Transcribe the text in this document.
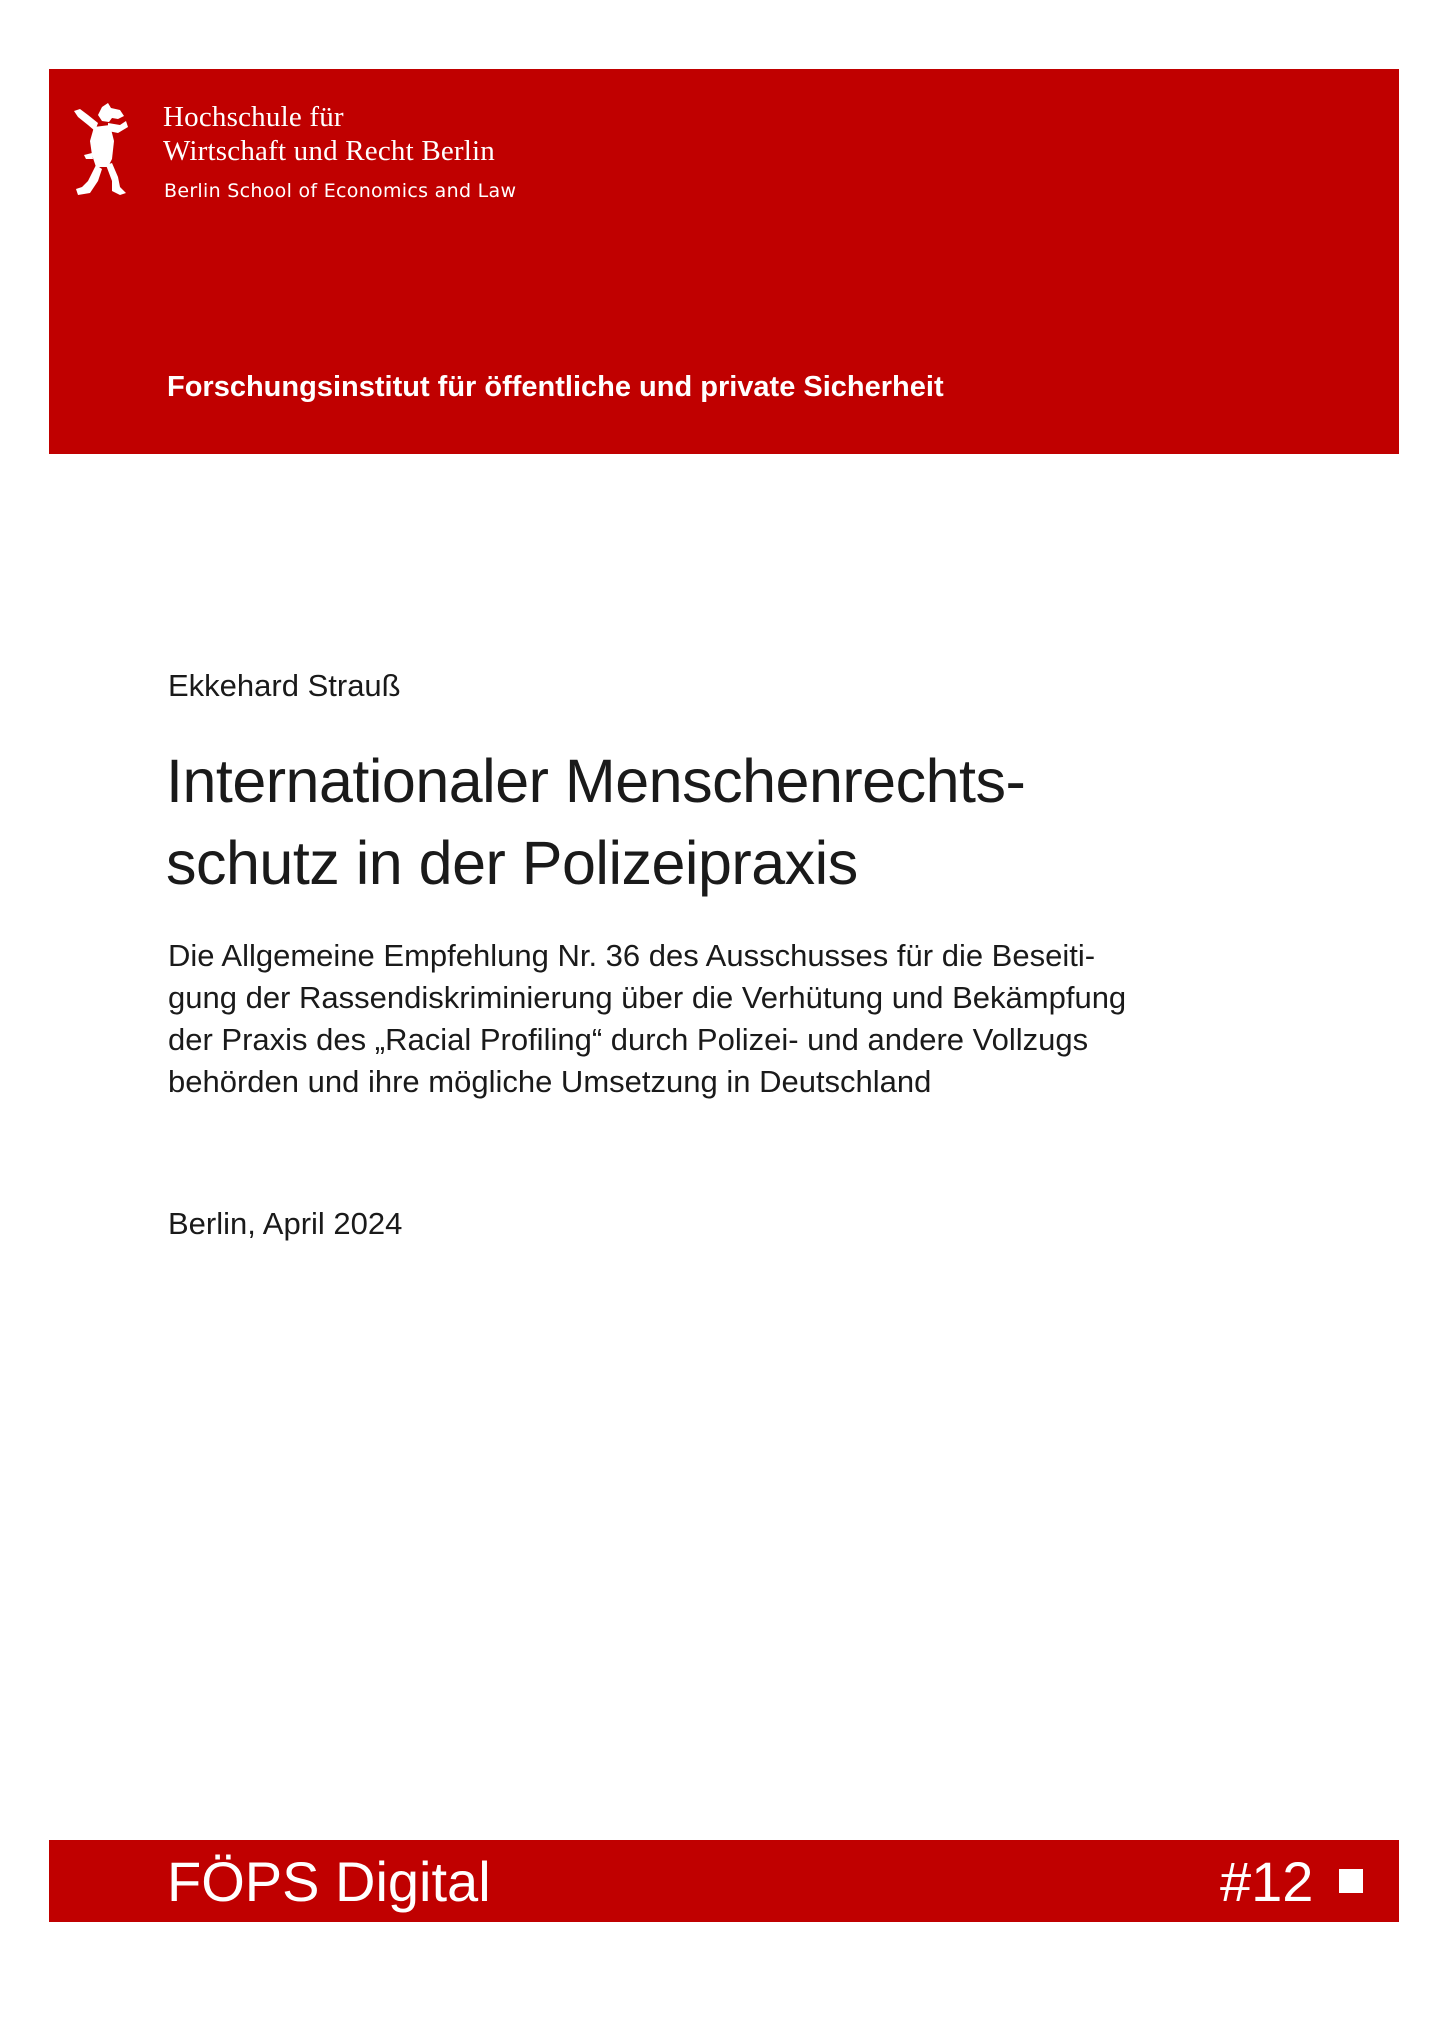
Hochschule für
Wirtschaft und Recht Berlin
Berlin School of Economics and Law
Forschungsinstitut für öffentliche und private Sicherheit
Ekkehard Strauß
Internationaler Menschenrechts-
schutz in der Polizeipraxis
Die Allgemeine Empfehlung Nr. 36 des Ausschusses für die Beseiti-
gung der Rassendiskriminierung über die Verhütung und Bekämpfung
der Praxis des „Racial Profiling“ durch Polizei- und andere Vollzugs
behörden und ihre mögliche Umsetzung in Deutschland
Berlin, April 2024
FÖPS Digital	#12
